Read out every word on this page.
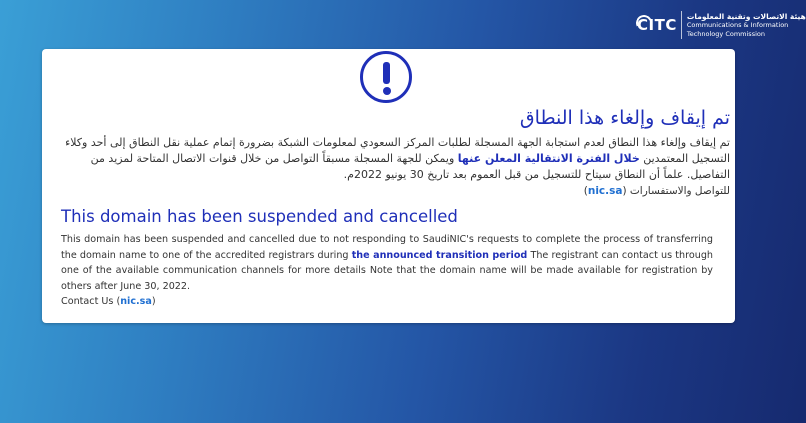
CITC هيئة الاتصالات وتقنية المعلومات
Communications & Information
Technology Commission
تم إيقاف وإلغاء هذا النطاق

تم إيقاف وإلغاء هذا النطاق لعدم استجابة الجهة المسجلة لطلبات المركز السعودي لمعلومات الشبكة بضرورة إتمام عملية نقل النطاق إلى أحد وكلاء التسجيل المعتمدين خلال الفترة الانتقالية المعلن عنها ويمكن للجهة المسجلة مسبقاً التواصل من خلال قنوات الاتصال المتاحة لمزيد من التفاصيل. علماً أن النطاق سيتاح للتسجيل من قبل العموم بعد تاريخ 30 يونيو 2022م.

للتواصل والاستفسارات (nic.sa)
This domain has been suspended and cancelled

This domain has been suspended and cancelled due to not responding to SaudiNIC's requests to complete the process of transferring the domain name to one of the accredited registrars during the announced transition period The registrant can contact us through one of the available communication channels for more details Note that the domain name will be made available for registration by others after June 30, 2022.

Contact Us (nic.sa)
